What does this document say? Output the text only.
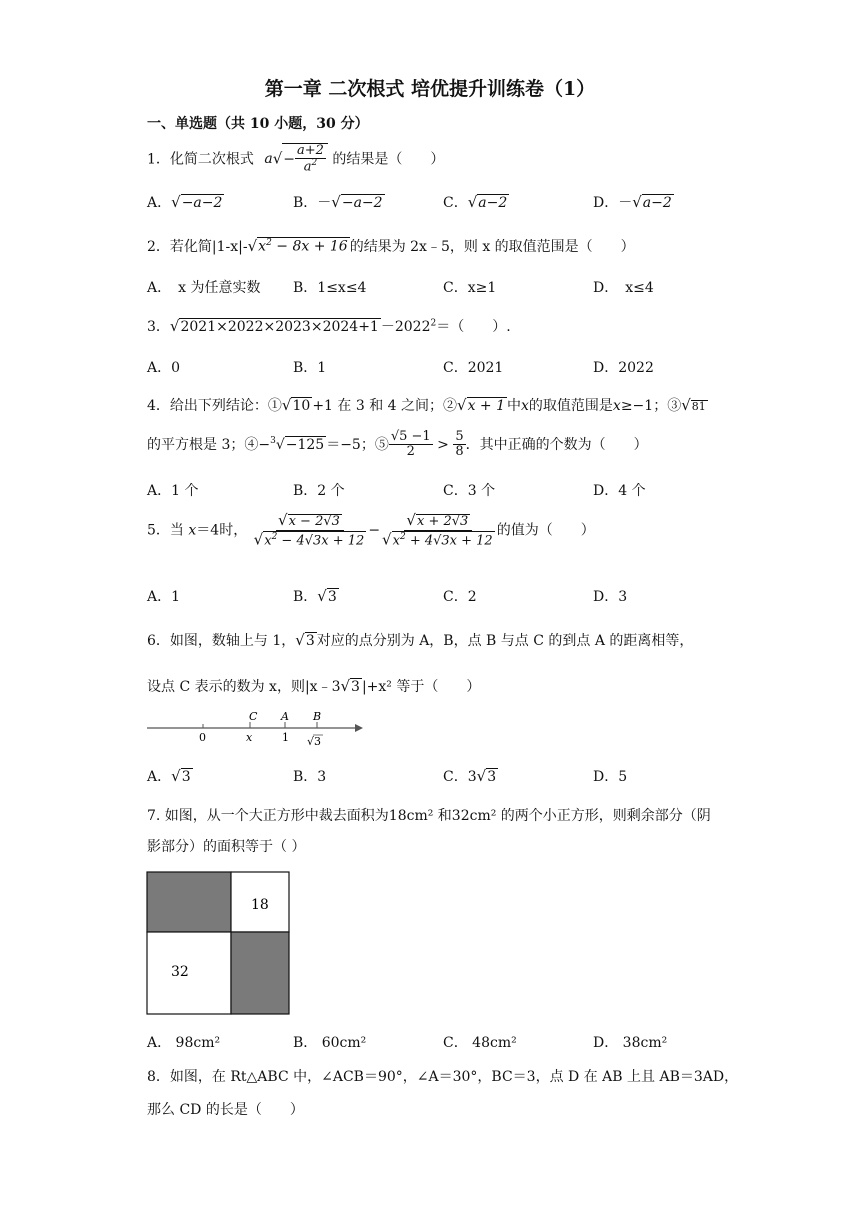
第一章 二次根式 培优提升训练卷（1）
一、单选题（共 10 小题，30 分）
1．化简二次根式 $a√- \frac{a+2}{a^2}$ 的结果是（　　）
A．√−a−2	B．－√−a−2	C．√a−2	D．－√a−2
2．若化简$|1-x|-√x^2 - 8x + 16$ 的结果为 2x﹣5，则 x 的取值范围是（　　）
A．　x 为任意实数 B．1≤x≤4	C．x≥1	D．　x≤4
3．$√2021\times 2022\times 2023\times 2024+1 -2022^2=$（　　）.
A．0	B．1	C．2021	D．2022
4．给出下列结论：①√10 +1 在 3 和 4 之间；②√x + 1 中x的取值范围是x≥−1；③√81
的平方根是 3；④−$^3$√−125 ＝−5；⑤ $\frac{√5 -1}{2} > \frac{5}{8}$ ．其中正确的个数为（　　）
A．1 个	B．2 个	C．3 个	D．4 个
5．当 x＝4时， $\frac{√x - 2√3}{√x^2 - 4√3x + 12} - \frac{√x + 2√3}{√x^2 + 4√3x + 12}$ 的值为（　　）
A．1	B．√3	C．2	D．3
6．如图，数轴上与 1，√3 对应的点分别为 A，B，点 B 与点 C 的到点 A 的距离相等，
设点 C 表示的数为 x，则|x﹣3√3 |+x² 等于（　　）
C A B
0	x	1 √3
A．√3	B．3	C．3√3	D．5
7. 如图，从一个大正方形中裁去面积为18cm² 和32cm² 的两个小正方形，则剩余部分（阴
影部分）的面积等于（ ）
18
32
A． 98cm²	B． 60cm²	C． 48cm²	D． 38cm²
8．如图，在 Rt△ABC 中，∠ACB＝90°，∠A＝30°，BC＝3，点 D 在 AB 上且 AB＝3AD，
那么 CD 的长是（　　）
